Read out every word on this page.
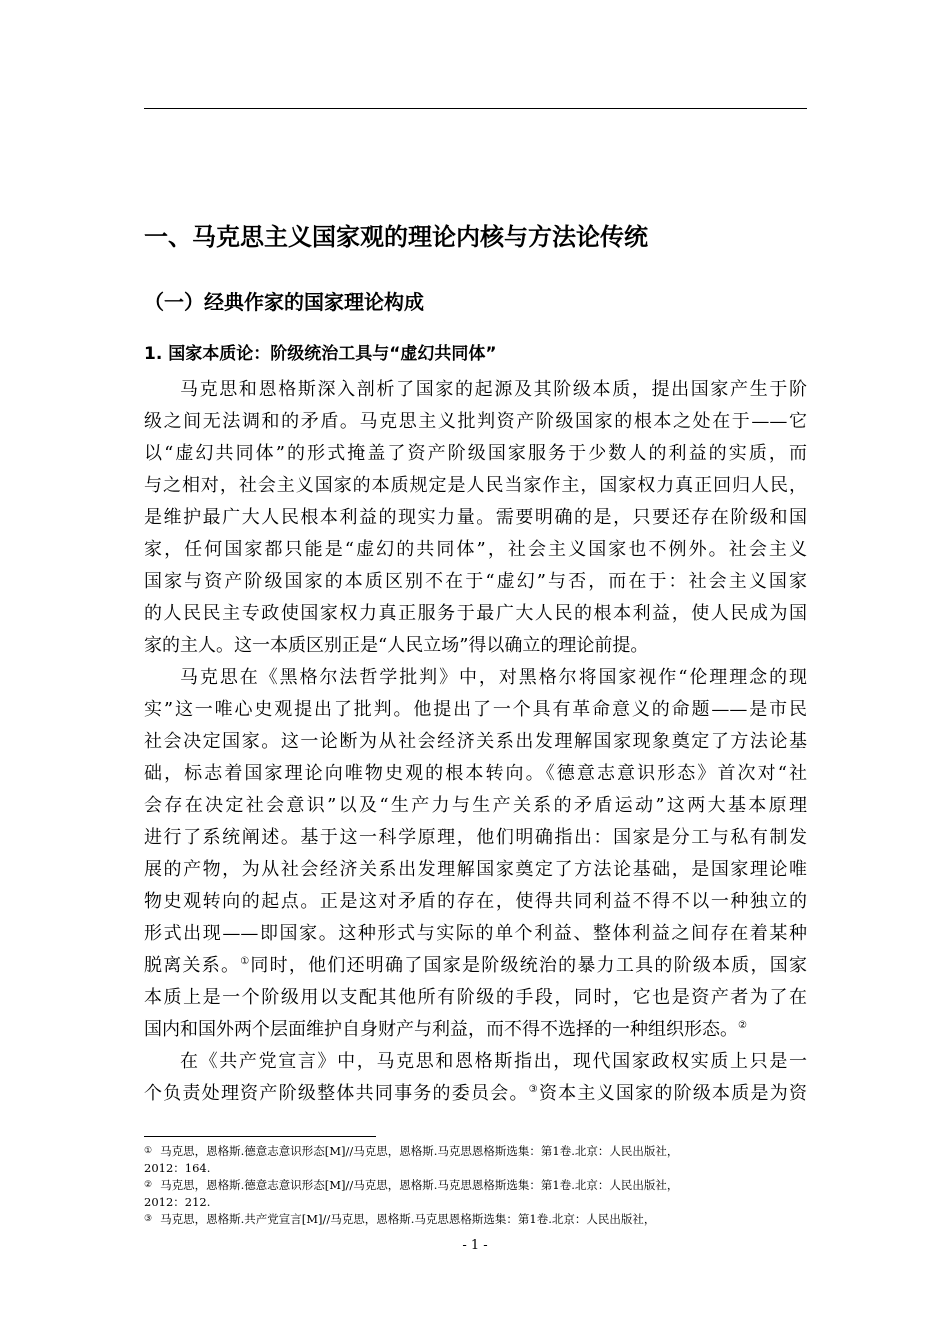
一、马克思主义国家观的理论内核与方法论传统
（一）经典作家的国家理论构成
1. 国家本质论：阶级统治工具与“虚幻共同体”
马克思和恩格斯深入剖析了国家的起源及其阶级本质，提出国家产生于阶
级之间无法调和的矛盾。马克思主义批判资产阶级国家的根本之处在于——它
以“虚幻共同体”的形式掩盖了资产阶级国家服务于少数人的利益的实质，而
与之相对，社会主义国家的本质规定是人民当家作主，国家权力真正回归人民，
是维护最广大人民根本利益的现实力量。需要明确的是，只要还存在阶级和国
家，任何国家都只能是“虚幻的共同体”，社会主义国家也不例外。社会主义
国家与资产阶级国家的本质区别不在于“虚幻”与否，而在于：社会主义国家
的人民民主专政使国家权力真正服务于最广大人民的根本利益，使人民成为国
家的主人。这一本质区别正是“人民立场”得以确立的理论前提。
马克思在《黑格尔法哲学批判》中，对黑格尔将国家视作“伦理理念的现
实”这一唯心史观提出了批判。他提出了一个具有革命意义的命题——是市民
社会决定国家。这一论断为从社会经济关系出发理解国家现象奠定了方法论基
础，标志着国家理论向唯物史观的根本转向。《德意志意识形态》首次对“社
会存在决定社会意识”以及“生产力与生产关系的矛盾运动”这两大基本原理
进行了系统阐述。基于这一科学原理，他们明确指出：国家是分工与私有制发
展的产物，为从社会经济关系出发理解国家奠定了方法论基础，是国家理论唯
物史观转向的起点。正是这对矛盾的存在，使得共同利益不得不以一种独立的
形式出现——即国家。这种形式与实际的单个利益、整体利益之间存在着某种
脱离关系。①同时，他们还明确了国家是阶级统治的暴力工具的阶级本质，国家
本质上是一个阶级用以支配其他所有阶级的手段，同时，它也是资产者为了在
国内和国外两个层面维护自身财产与利益，而不得不选择的一种组织形态。②
在《共产党宣言》中，马克思和恩格斯指出，现代国家政权实质上只是一
个负责处理资产阶级整体共同事务的委员会。③资本主义国家的阶级本质是为资
① 马克思，恩格斯.德意志意识形态[M]//马克思，恩格斯.马克思恩格斯选集：第1卷.北京：人民出版社，
2012：164.
② 马克思，恩格斯.德意志意识形态[M]//马克思，恩格斯.马克思恩格斯选集：第1卷.北京：人民出版社，
2012：212.
③ 马克思，恩格斯.共产党宣言[M]//马克思，恩格斯.马克思恩格斯选集：第1卷.北京：人民出版社，
- 1 -
